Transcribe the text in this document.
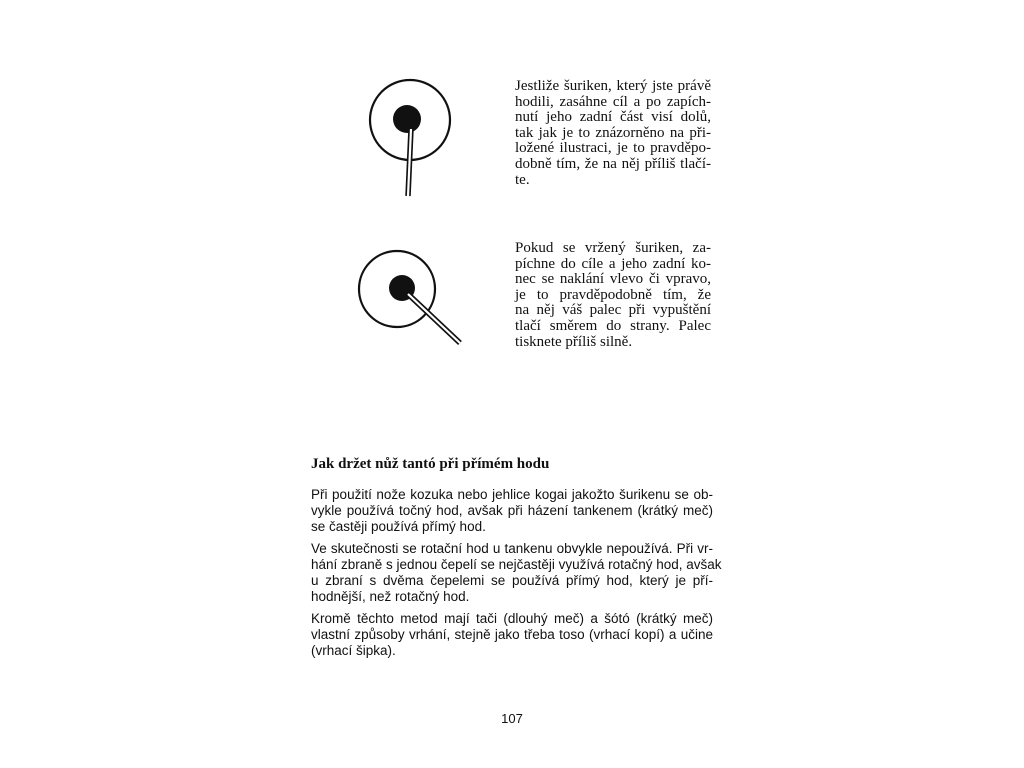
Jestliže šuriken, který jste právě
hodili, zasáhne cíl a po zapích-
nutí jeho zadní část visí dolů,
tak jak je to znázorněno na při-
ložené ilustraci, je to pravděpo-
dobně tím, že na něj příliš tlačí-
te.
Pokud se vržený šuriken, za-
píchne do cíle a jeho zadní ko-
nec se naklání vlevo či vpravo,
je to pravděpodobně tím, že
na něj váš palec při vypuštění
tlačí směrem do strany. Palec
tisknete příliš silně.
Jak držet nůž tantó při přímém hodu

Při použití nože kozuka nebo jehlice kogai jakožto šurikenu se ob-
vykle používá točný hod, avšak při házení tankenem (krátký meč)
se častěji používá přímý hod.

Ve skutečnosti se rotační hod u tankenu obvykle nepoužívá. Při vr-
hání zbraně s jednou čepelí se nejčastěji využívá rotačný hod, avšak
u zbraní s dvěma čepelemi se používá přímý hod, který je pří-
hodnější, než rotačný hod.

Kromě těchto metod mají tači (dlouhý meč) a šótó (krátký meč)
vlastní způsoby vrhání, stejně jako třeba toso (vrhací kopí) a učine
(vrhací šipka).

107
